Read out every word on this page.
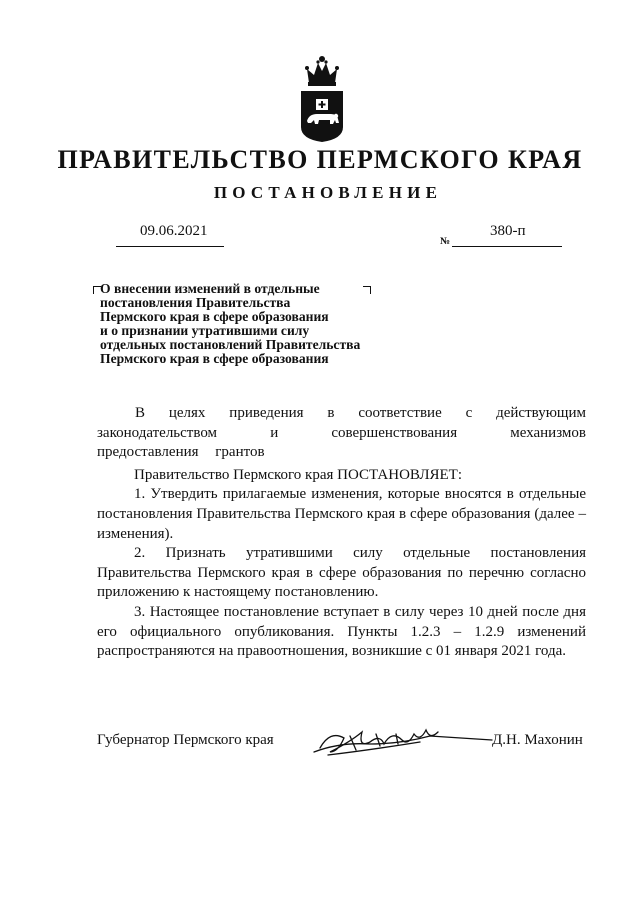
ПРАВИТЕЛЬСТВО ПЕРМСКОГО КРАЯ
ПОСТАНОВЛЕНИЕ
09.06.2021
№
380-п
О внесении изменений в отдельные
постановления Правительства
Пермского края в сфере образования
и о признании утратившими силу
отдельных постановлений Правительства
Пермского края в сфере образования
В целях приведения в соответствие с действующим законодательством и совершенствования механизмов предоставления грантов
Правительство Пермского края ПОСТАНОВЛЯЕТ:
1. Утвердить прилагаемые изменения, которые вносятся в отдельные постановления Правительства Пермского края в сфере образования (далее – изменения).
2. Признать утратившими силу отдельные постановления Правительства Пермского края в сфере образования по перечню согласно приложению к настоящему постановлению.
3. Настоящее постановление вступает в силу через 10 дней после дня его официального опубликования. Пункты 1.2.3 – 1.2.9 изменений распространяются на правоотношения, возникшие с 01 января 2021 года.
Губернатор Пермского края	Д.Н. Махонин
